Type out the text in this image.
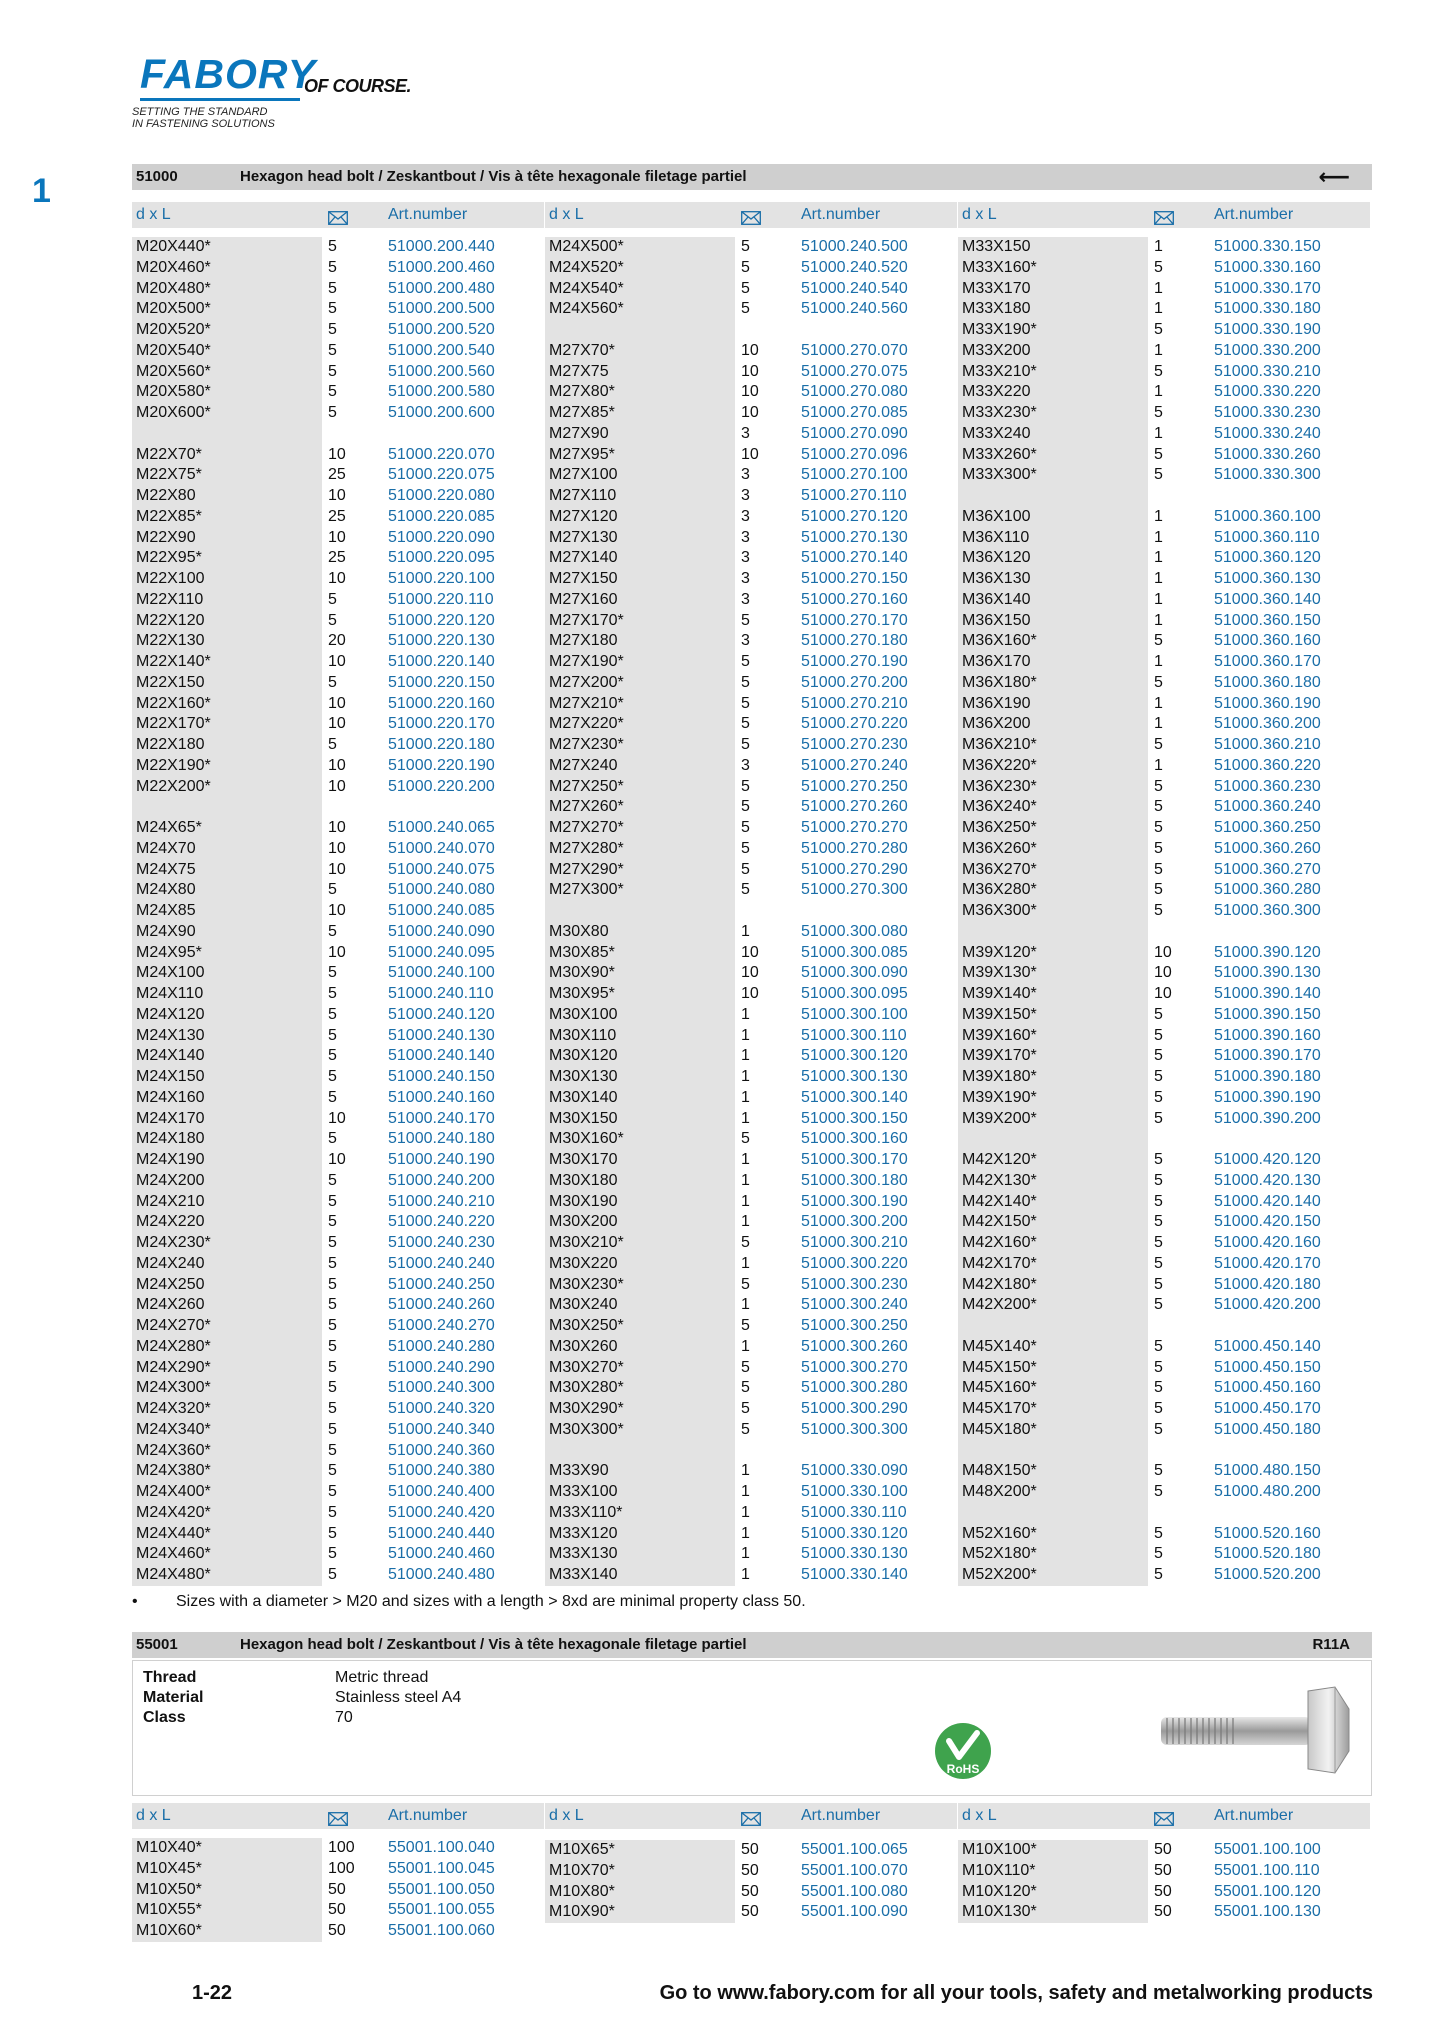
FABORY
OF COURSE.
SETTING THE STANDARD
IN FASTENING SOLUTIONS
1	51000	Hexagon head bolt / Zeskantbout / Vis à tête hexagonale filetage partiel	⟵
d x L	Art.number
M20X440*	5	51000.200.440
M20X460*	5	51000.200.460
M20X480*	5	51000.200.480
M20X500*	5	51000.200.500
M20X520*	5	51000.200.520
M20X540*	5	51000.200.540
M20X560*	5	51000.200.560
M20X580*	5	51000.200.580
M20X600*	5	51000.200.600
M22X70*	10	51000.220.070
M22X75*	25	51000.220.075
M22X80	10	51000.220.080
M22X85*	25	51000.220.085
M22X90	10	51000.220.090
M22X95*	25	51000.220.095
M22X100	10	51000.220.100
M22X110	5	51000.220.110
M22X120	5	51000.220.120
M22X130	20	51000.220.130
M22X140*	10	51000.220.140
M22X150	5	51000.220.150
M22X160*	10	51000.220.160
M22X170*	10	51000.220.170
M22X180	5	51000.220.180
M22X190*	10	51000.220.190
M22X200*	10	51000.220.200
M24X65*	10	51000.240.065
M24X70	10	51000.240.070
M24X75	10	51000.240.075
M24X80	5	51000.240.080
M24X85	10	51000.240.085
M24X90	5	51000.240.090
M24X95*	10	51000.240.095
M24X100	5	51000.240.100
M24X110	5	51000.240.110
M24X120	5	51000.240.120
M24X130	5	51000.240.130
M24X140	5	51000.240.140
M24X150	5	51000.240.150
M24X160	5	51000.240.160
M24X170	10	51000.240.170
M24X180	5	51000.240.180
M24X190	10	51000.240.190
M24X200	5	51000.240.200
M24X210	5	51000.240.210
M24X220	5	51000.240.220
M24X230*	5	51000.240.230
M24X240	5	51000.240.240
M24X250	5	51000.240.250
M24X260	5	51000.240.260
M24X270*	5	51000.240.270
M24X280*	5	51000.240.280
M24X290*	5	51000.240.290
M24X300*	5	51000.240.300
M24X320*	5	51000.240.320
M24X340*	5	51000.240.340
M24X360*	5	51000.240.360
M24X380*	5	51000.240.380
M24X400*	5	51000.240.400
M24X420*	5	51000.240.420
M24X440*	5	51000.240.440
M24X460*	5	51000.240.460
M24X480*	5	51000.240.480
d x L	Art.number
M24X500*	5	51000.240.500
M24X520*	5	51000.240.520
M24X540*	5	51000.240.540
M24X560*	5	51000.240.560
M27X70*	10	51000.270.070
M27X75	10	51000.270.075
M27X80*	10	51000.270.080
M27X85*	10	51000.270.085
M27X90	3	51000.270.090
M27X95*	10	51000.270.096
M27X100	3	51000.270.100
M27X110	3	51000.270.110
M27X120	3	51000.270.120
M27X130	3	51000.270.130
M27X140	3	51000.270.140
M27X150	3	51000.270.150
M27X160	3	51000.270.160
M27X170*	5	51000.270.170
M27X180	3	51000.270.180
M27X190*	5	51000.270.190
M27X200*	5	51000.270.200
M27X210*	5	51000.270.210
M27X220*	5	51000.270.220
M27X230*	5	51000.270.230
M27X240	3	51000.270.240
M27X250*	5	51000.270.250
M27X260*	5	51000.270.260
M27X270*	5	51000.270.270
M27X280*	5	51000.270.280
M27X290*	5	51000.270.290
M27X300*	5	51000.270.300
M30X80	1	51000.300.080
M30X85*	10	51000.300.085
M30X90*	10	51000.300.090
M30X95*	10	51000.300.095
M30X100	1	51000.300.100
M30X110	1	51000.300.110
M30X120	1	51000.300.120
M30X130	1	51000.300.130
M30X140	1	51000.300.140
M30X150	1	51000.300.150
M30X160*	5	51000.300.160
M30X170	1	51000.300.170
M30X180	1	51000.300.180
M30X190	1	51000.300.190
M30X200	1	51000.300.200
M30X210*	5	51000.300.210
M30X220	1	51000.300.220
M30X230*	5	51000.300.230
M30X240	1	51000.300.240
M30X250*	5	51000.300.250
M30X260	1	51000.300.260
M30X270*	5	51000.300.270
M30X280*	5	51000.300.280
M30X290*	5	51000.300.290
M30X300*	5	51000.300.300
M33X90	1	51000.330.090
M33X100	1	51000.330.100
M33X110*	1	51000.330.110
M33X120	1	51000.330.120
M33X130	1	51000.330.130
M33X140	1	51000.330.140
d x L	Art.number
M33X150	1	51000.330.150
M33X160*	5	51000.330.160
M33X170	1	51000.330.170
M33X180	1	51000.330.180
M33X190*	5	51000.330.190
M33X200	1	51000.330.200
M33X210*	5	51000.330.210
M33X220	1	51000.330.220
M33X230*	5	51000.330.230
M33X240	1	51000.330.240
M33X260*	5	51000.330.260
M33X300*	5	51000.330.300
M36X100	1	51000.360.100
M36X110	1	51000.360.110
M36X120	1	51000.360.120
M36X130	1	51000.360.130
M36X140	1	51000.360.140
M36X150	1	51000.360.150
M36X160*	5	51000.360.160
M36X170	1	51000.360.170
M36X180*	5	51000.360.180
M36X190	1	51000.360.190
M36X200	1	51000.360.200
M36X210*	5	51000.360.210
M36X220*	1	51000.360.220
M36X230*	5	51000.360.230
M36X240*	5	51000.360.240
M36X250*	5	51000.360.250
M36X260*	5	51000.360.260
M36X270*	5	51000.360.270
M36X280*	5	51000.360.280
M36X300*	5	51000.360.300
M39X120*	10	51000.390.120
M39X130*	10	51000.390.130
M39X140*	10	51000.390.140
M39X150*	5	51000.390.150
M39X160*	5	51000.390.160
M39X170*	5	51000.390.170
M39X180*	5	51000.390.180
M39X190*	5	51000.390.190
M39X200*	5	51000.390.200
M42X120*	5	51000.420.120
M42X130*	5	51000.420.130
M42X140*	5	51000.420.140
M42X150*	5	51000.420.150
M42X160*	5	51000.420.160
M42X170*	5	51000.420.170
M42X180*	5	51000.420.180
M42X200*	5	51000.420.200
M45X140*	5	51000.450.140
M45X150*	5	51000.450.150
M45X160*	5	51000.450.160
M45X170*	5	51000.450.170
M45X180*	5	51000.450.180
M48X150*	5	51000.480.150
M48X200*	5	51000.480.200
M52X160*	5	51000.520.160
M52X180*	5	51000.520.180
M52X200*	5	51000.520.200
• Sizes with a diameter > M20 and sizes with a length > 8xd are minimal property class 50.
55001	Hexagon head bolt / Zeskantbout / Vis à tête hexagonale filetage partiel	R11A
Thread	Metric thread
Material	Stainless steel A4
Class	70
RoHS
d x L	Art.number
M10X40*	100 55001.100.040
M10X45*	100 55001.100.045
M10X50*	50	55001.100.050
M10X55*	50	55001.100.055
M10X60*	50	55001.100.060
d x L	Art.number
M10X65*	50	55001.100.065
M10X70*	50	55001.100.070
M10X80*	50	55001.100.080
M10X90*	50	55001.100.090
d x L	Art.number
M10X100*	50	55001.100.100
M10X110*	50	55001.100.110
M10X120*	50	55001.100.120
M10X130*	50	55001.100.130
1-22	Go to www.fabory.com for all your tools, safety and metalworking products
